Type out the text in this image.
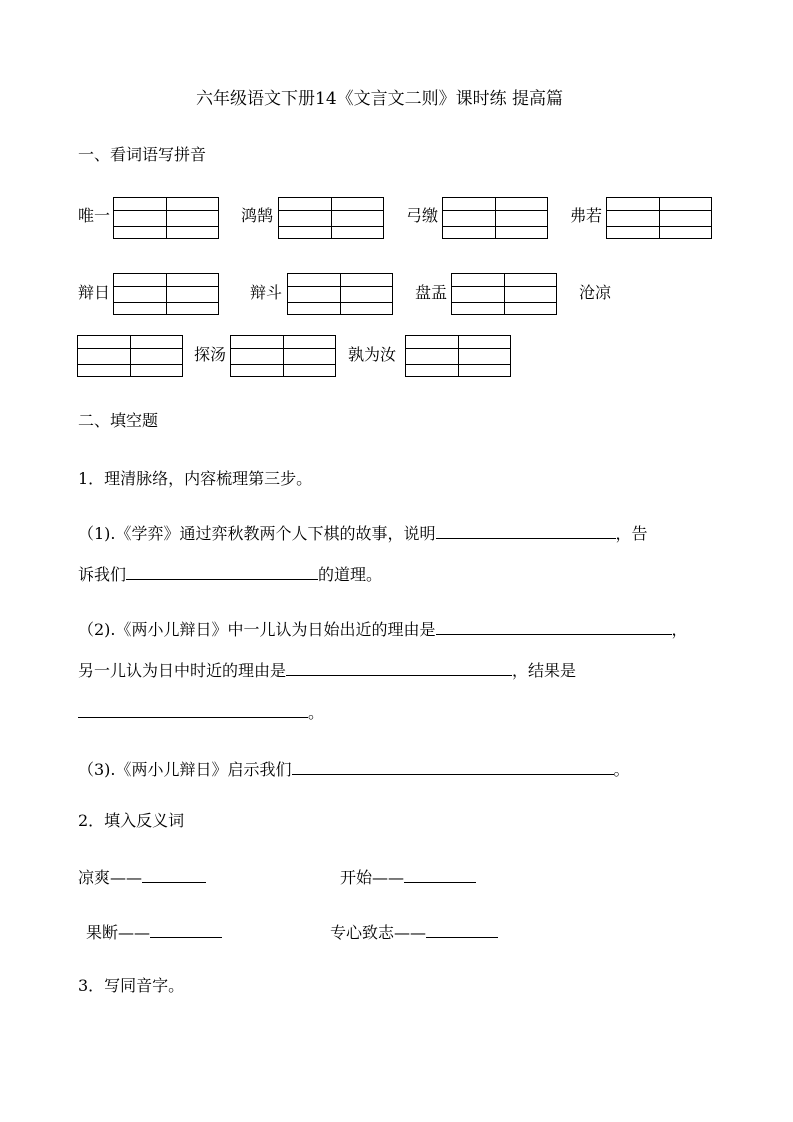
六年级语文下册14《文言文二则》课时练 提高篇
一、看词语写拼音
唯一	鸿鹄	弓缴	弗若
辩日	辩斗	盘盂	沧凉
探汤	孰为汝
二、填空题
1．理清脉络，内容梳理第三步。
（1).《学弈》通过弈秋教两个人下棋的故事，说明	，告
诉我们	的道理。
（2).《两小儿辩日》中一儿认为日始出近的理由是	，
另一儿认为日中时近的理由是	，结果是
。
（3).《两小儿辩日》启示我们	。
2．填入反义词
凉爽——	开始——
果断——	专心致志——
3．写同音字。
